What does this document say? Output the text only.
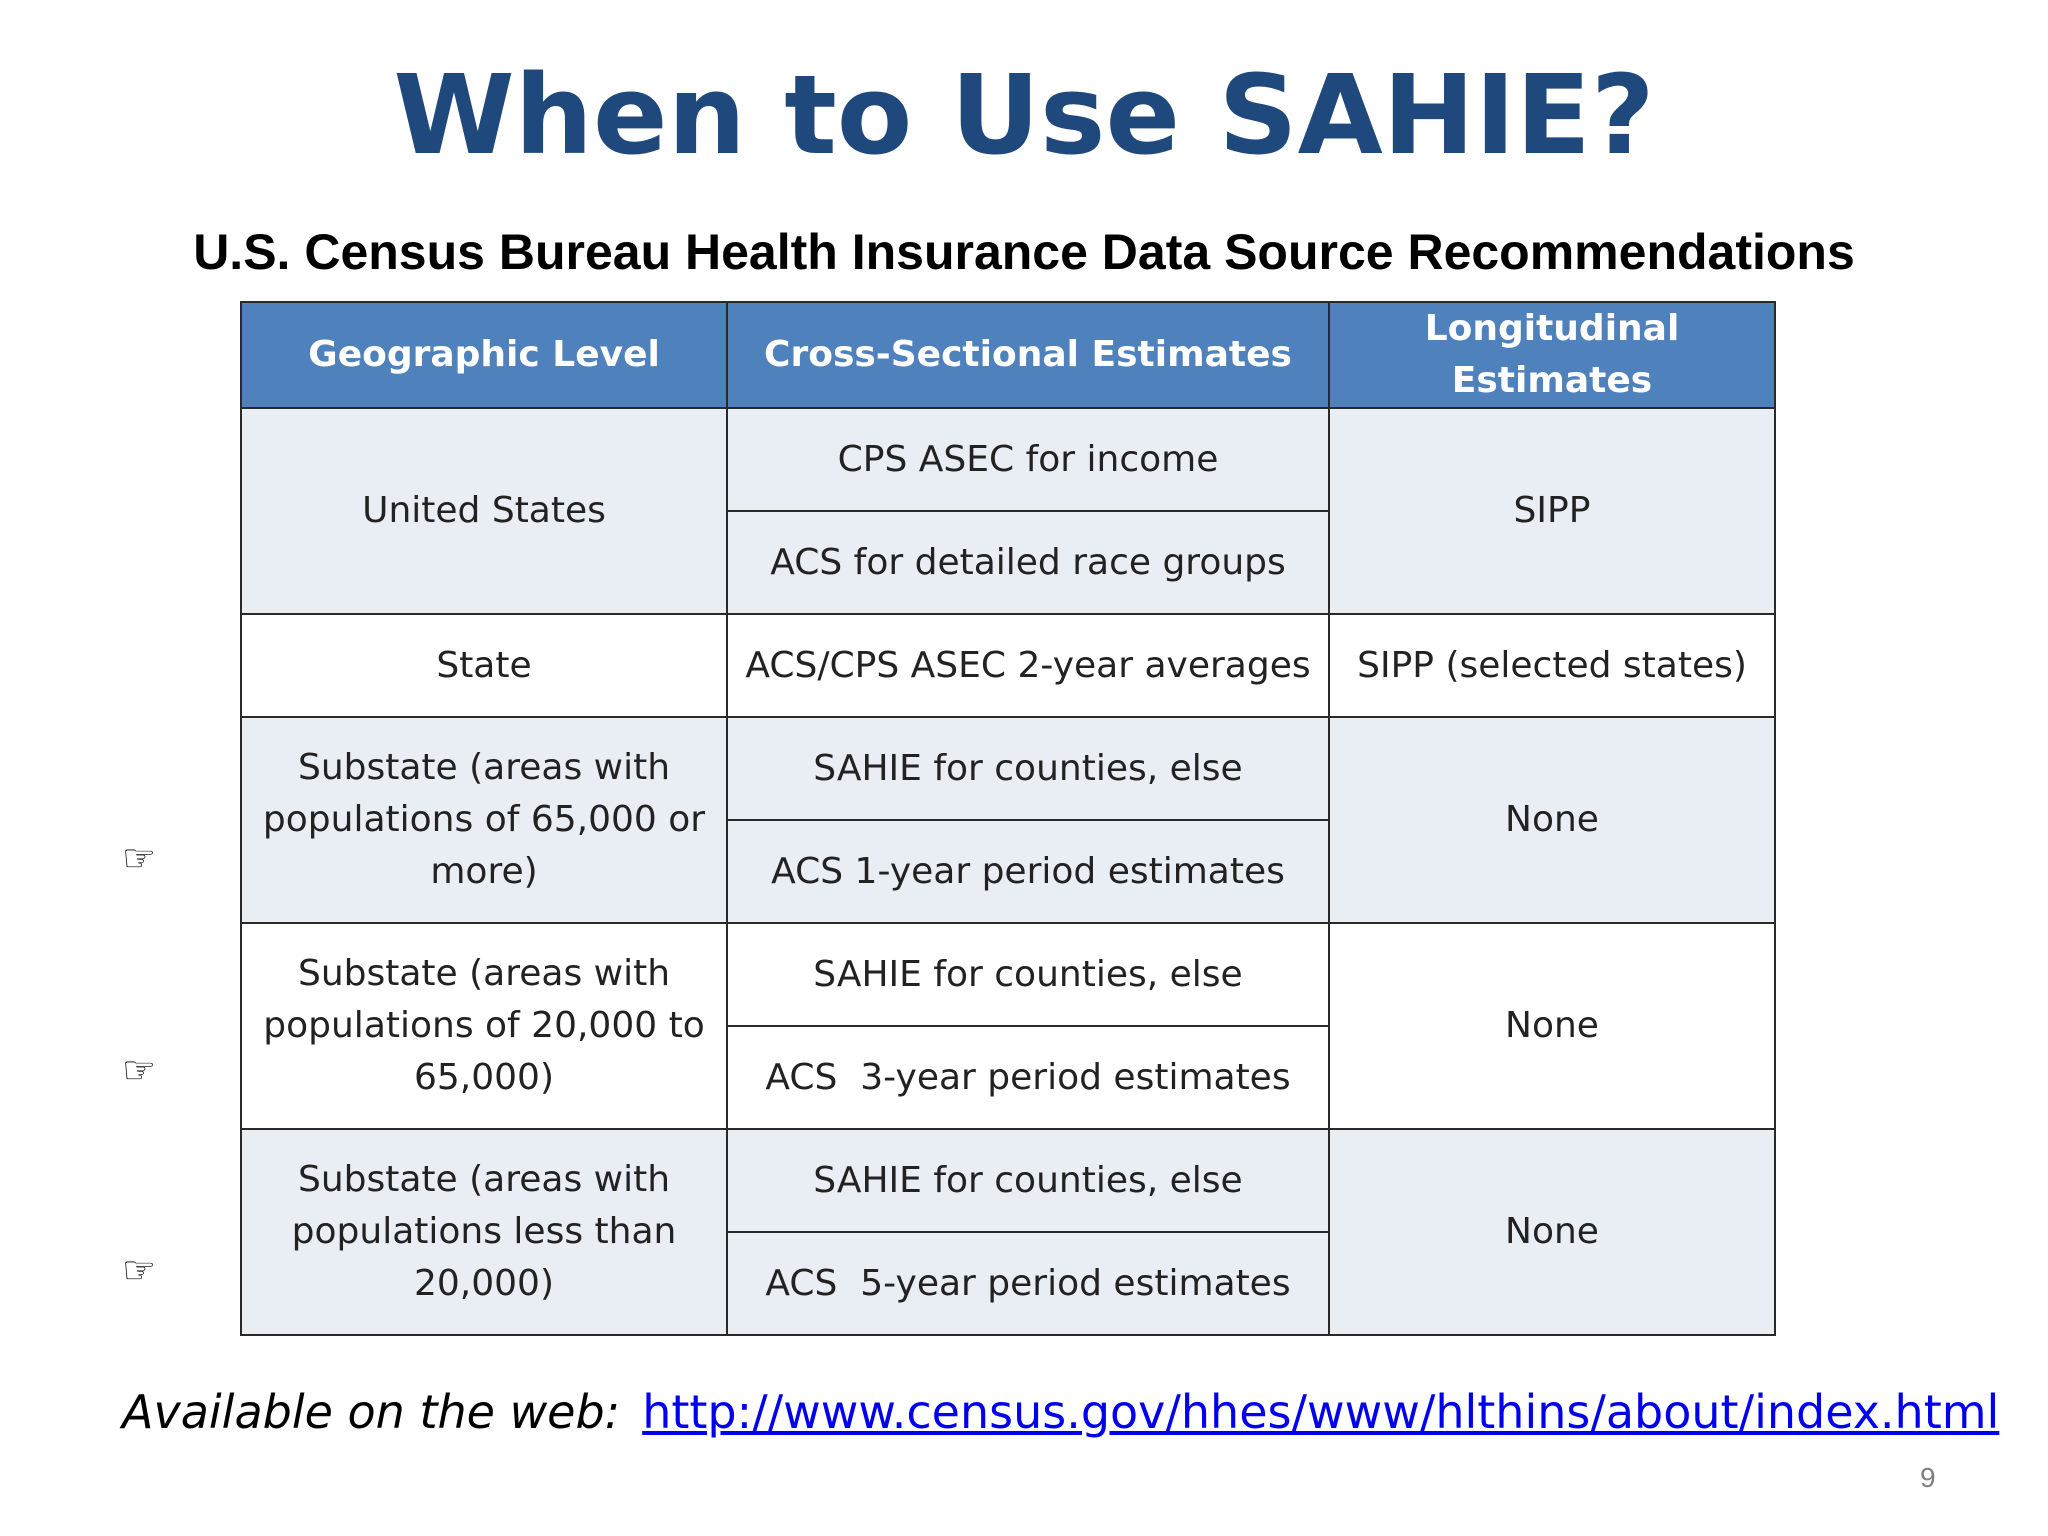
When to Use SAHIE?
U.S. Census Bureau Health Insurance Data Source Recommendations
Geographic Level	Cross-Sectional Estimates	Longitudinal Estimates
United States	CPS ASEC for income	SIPP
	ACS for detailed race groups	
State	ACS/CPS ASEC 2-year averages	SIPP (selected states)
Substate (areas with populations of 65,000 or more)	SAHIE for counties, else	None
	ACS 1-year period estimates	
Substate (areas with populations of 20,000 to 65,000)	SAHIE for counties, else	None
	ACS  3-year period estimates	
Substate (areas with populations less than 20,000)	SAHIE for counties, else	None
	ACS  5-year period estimates	
☞
☞
☞
Available on the web: http://www.census.gov/hhes/www/hlthins/about/index.html
9
